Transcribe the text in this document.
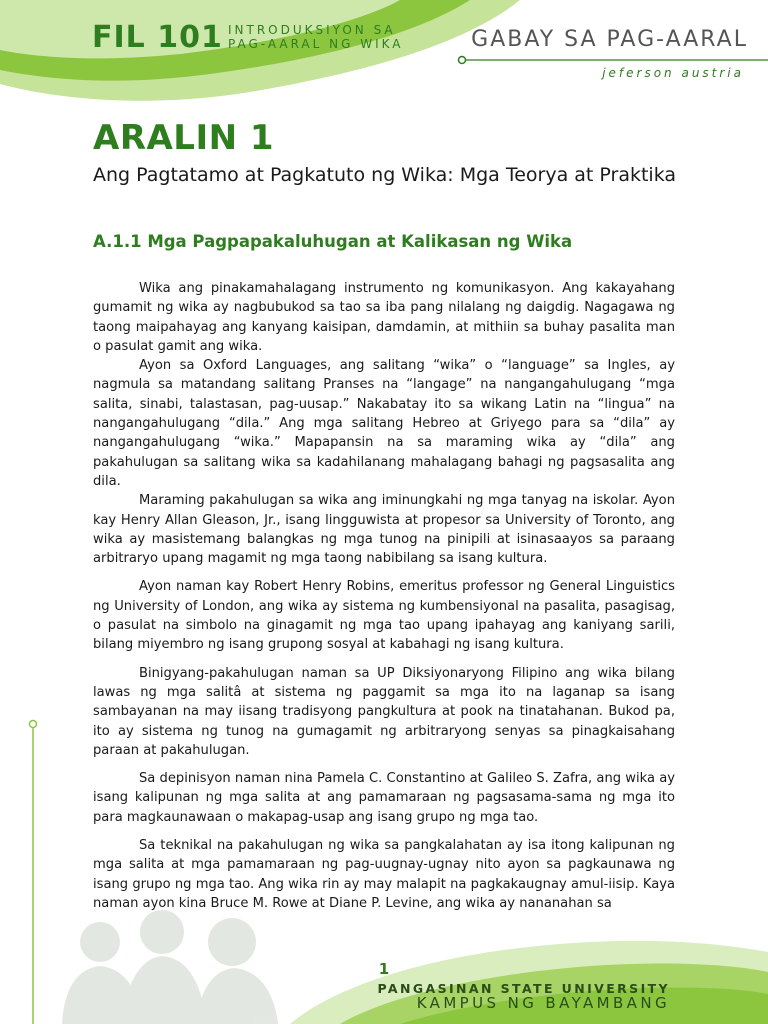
FIL 101 INTRODUKSIYON SA
PAG-AARAL NG WIKA	GABAY SA PAG-AARAL
jeferson austria
ARALIN 1
Ang Pagtatamo at Pagkatuto ng Wika: Mga Teorya at Praktika
A.1.1 Mga Pagpapakaluhugan at Kalikasan ng Wika

Wika ang pinakamahalagang instrumento ng komunikasyon. Ang kakayahang gumamit ng wika ay nagbubukod sa tao sa iba pang nilalang ng daigdig. Nagagawa ng taong maipahayag ang kanyang kaisipan, damdamin, at mithiin sa buhay pasalita man o pasulat gamit ang wika.

Ayon sa Oxford Languages, ang salitang “wika” o “language” sa Ingles, ay nagmula sa matandang salitang Pranses na “langage” na nangangahulugang “mga salita, sinabi, talastasan, pag-uusap.” Nakabatay ito sa wikang Latin na “lingua” na nangangahulugang “dila.” Ang mga salitang Hebreo at Griyego para sa “dila” ay nangangahulugang “wika.” Mapapansin na sa maraming wika ay “dila” ang pakahulugan sa salitang wika sa kadahilanang mahalagang bahagi ng pagsasalita ang dila.

Maraming pakahulugan sa wika ang iminungkahi ng mga tanyag na iskolar. Ayon kay Henry Allan Gleason, Jr., isang lingguwista at propesor sa University of Toronto, ang wika ay masistemang balangkas ng mga tunog na pinipili at isinasaayos sa paraang arbitraryo upang magamit ng mga taong nabibilang sa isang kultura.

Ayon naman kay Robert Henry Robins, emeritus professor ng General Linguistics ng University of London, ang wika ay sistema ng kumbensiyonal na pasalita, pasagisag, o pasulat na simbolo na ginagamit ng mga tao upang ipahayag ang kaniyang sarili, bilang miyembro ng isang grupong sosyal at kabahagi ng isang kultura.

Binigyang-pakahulugan naman sa UP Diksiyonaryong Filipino ang wika bilang lawas ng mga salitâ at sistema ng paggamit sa mga ito na laganap sa isang sambayanan na may iisang tradisyong pangkultura at pook na tinatahanan. Bukod pa, ito ay sistema ng tunog na gumagamit ng arbitraryong senyas sa pinagkaisahang paraan at pakahulugan.

Sa depinisyon naman nina Pamela C. Constantino at Galileo S. Zafra, ang wika ay isang kalipunan ng mga salita at ang pamamaraan ng pagsasama-sama ng mga ito para magkaunawaan o makapag-usap ang isang grupo ng mga tao.

Sa teknikal na pakahulugan ng wika sa pangkalahatan ay isa itong kalipunan ng mga salita at mga pamamaraan ng pag-uugnay-ugnay nito ayon sa pagkaunawa ng isang grupo ng mga tao. Ang wika rin ay may malapit na pagkakaugnay amul-iisip. Kaya naman ayon kina Bruce M. Rowe at Diane P. Levine, ang wika ay nananahan sa

1
PANGASINAN STATE UNIVERSITY
KAMPUS NG BAYAMBANG
